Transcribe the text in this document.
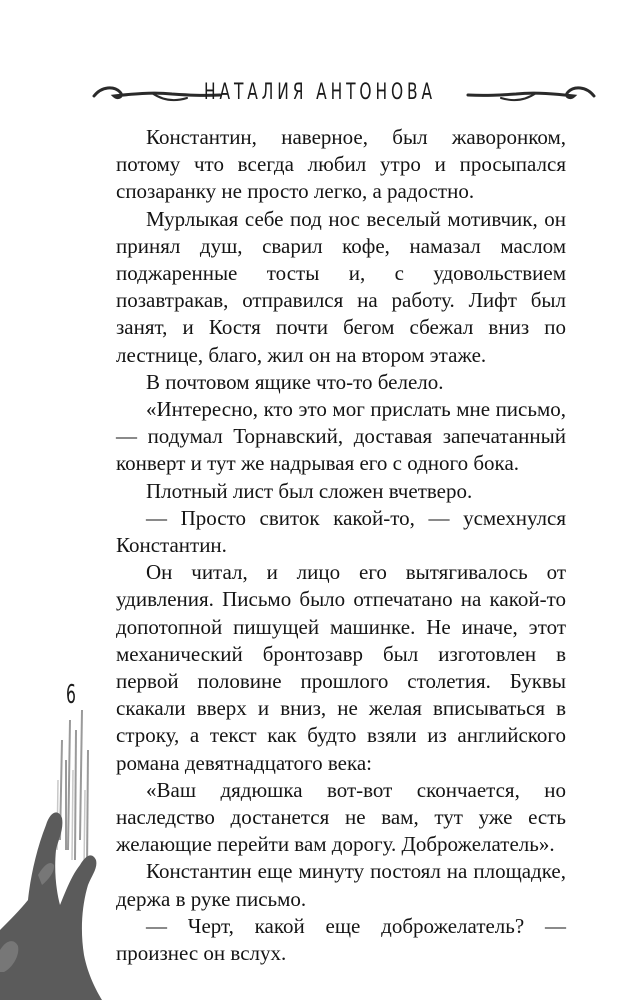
НАТАЛИЯ АНТОНОВА

Константин, наверное, был жаворонком, потому что всегда любил утро и просыпался спозаранку не просто легко, а радостно.

Мурлыкая себе под нос веселый мотивчик, он принял душ, сварил кофе, намазал маслом поджаренные тосты и, с удовольствием позавтракав, отправился на работу. Лифт был занят, и Костя почти бегом сбежал вниз по лестнице, благо, жил он на втором этаже.

В почтовом ящике что-то белело.

«Интересно, кто это мог прислать мне письмо, — подумал Торнавский, доставая запечатанный конверт и тут же надрывая его с одного бока.

Плотный лист был сложен вчетверо.

— Просто свиток какой-то, — усмехнулся Константин.

Он читал, и лицо его вытягивалось от удивления. Письмо было отпечатано на какой-то допотопной пишущей машинке. Не иначе, этот механический бронтозавр был изготовлен в первой половине прошлого столетия. Буквы скакали вверх и вниз, не желая вписываться в строку, а текст как будто взяли из английского романа девятнадцатого века:

«Ваш дядюшка вот-вот скончается, но наследство достанется не вам, тут уже есть желающие перейти вам дорогу. Доброжелатель».

Константин еще минуту постоял на площадке, держа в руке письмо.

— Черт, какой еще доброжелатель? — произнес он вслух.

6
